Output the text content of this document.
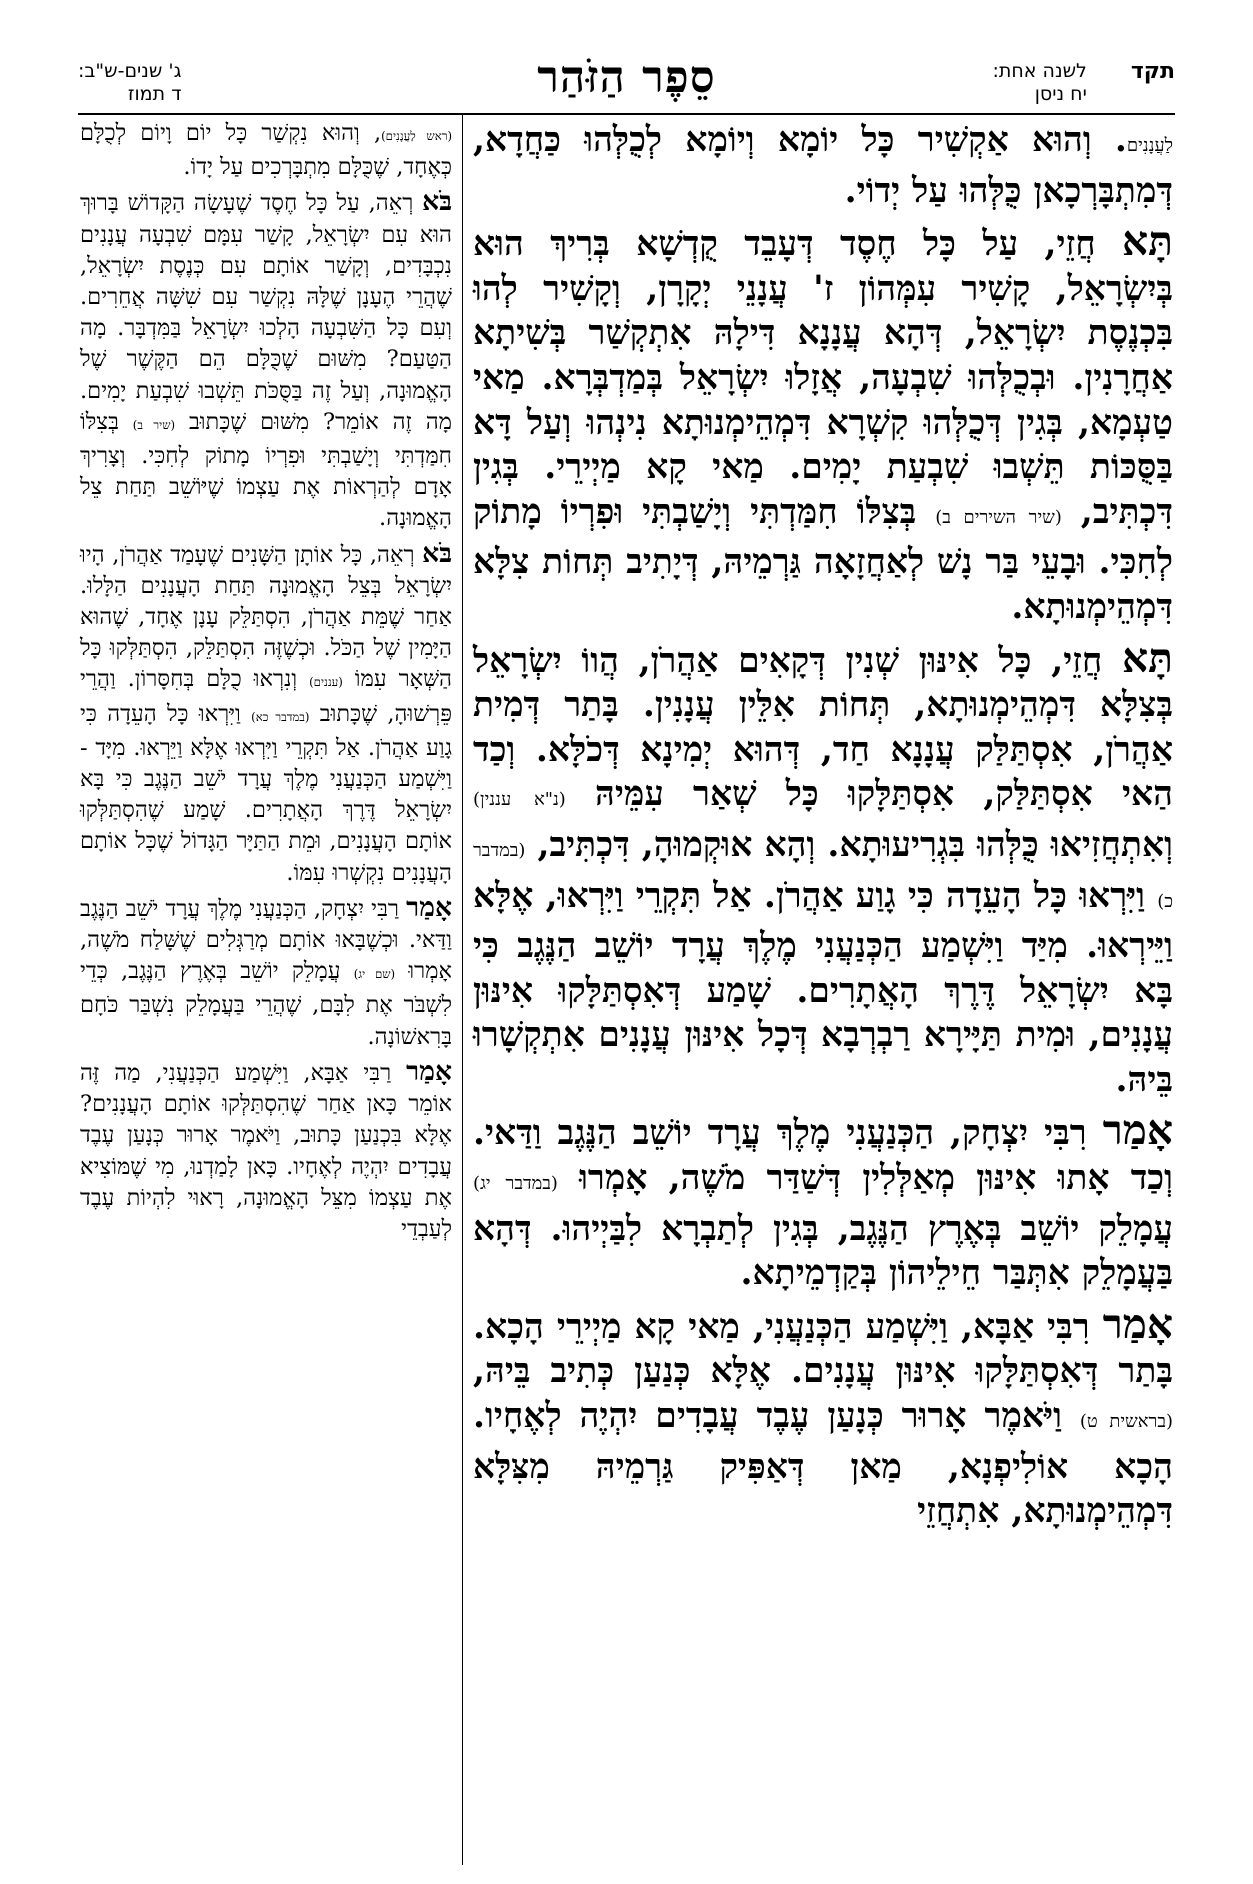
תקד
לשנה אחת:
יח ניסן
סֵפֶר הַזֹּהַר
ג' שנים-ש"ב:
ד תמוז

לַעֲנָנִים. וְהוּא אַקְשִׁיר כָּל יוֹמָא וְיוֹמָא לְכֻלְּהוּ כַּחֲדָא, דְּמִתְבָּרְכָאן כֻּלְּהוּ עַל יְדוֹי.

תָּא חֲזֵי, עַל כָּל חֶסֶד דְּעָבֵד קֻדְשָׁא בְּרִיךְ הוּא בְּיִשְׂרָאֵל, קָשִׁיר עִמְּהוֹן ז' עֲנָנֵי יְקָרָן, וְקָשִׁיר לְהוּ בִּכְנֶסֶת יִשְׂרָאֵל, דְּהָא עֲנָנָא דִּילָהּ אִתְקְשַׁר בְּשִׁיתָא אַחֲרָנִין. וּבְכֻלְּהוּ שִׁבְעָה, אֲזָלוּ יִשְׂרָאֵל בְּמַדְבְּרָא. מַאי טַעְמָא, בְּגִין דְּכֻלְּהוּ קִשְׁרָא דִּמְהֵימְנוּתָא נִינְהוּ וְעַל דָּא בַּסֻּכּוֹת תֵּשְׁבוּ שִׁבְעַת יָמִים. מַאי קָא מַיְירֵי. בְּגִין דִּכְתִּיב, (שיר השירים ב) בְּצִלּוֹ חִמַּדְתִּי וְיָשַׁבְתִּי וּפִרְיוֹ מָתוֹק לְחִכִּי. וּבָעֵי בַּר נָשׁ לְאַחֲזָאָה גַּרְמֵיהּ, דְּיָתִיב תְּחוֹת צִלָּא דִּמְהֵימְנוּתָא.

תָּא חֲזֵי, כָּל אִינּוּן שְׁנִין דְּקָאִים אַהֲרֹן, הֲווֹ יִשְׂרָאֵל בְּצִלָּא דִּמְהֵימְנוּתָא, תְּחוֹת אִלֵּין עֲנָנִין. בָּתַר דְּמִית אַהֲרֹן, אִסְתַּלַּק עֲנָנָא חַד, דְּהוּא יְמִינָא דְּכֹלָּא. וְכַד הַאי אִסְתַּלַּק, אִסְתַּלָּקוּ כָּל שְׁאַר עִמֵּיהּ (נ"א עננין) וְאִתְחֲזִיאוּ כֻּלְּהוּ בִּגְרִיעוּתָא. וְהָא אוּקְמוּהָ, דִּכְתִּיב, (במדבר כ) וַיִּרְאוּ כָּל הָעֵדָה כִּי גָוַע אַהֲרֹן. אַל תִּקְרֵי וַיִּרְאוּ, אֶלָּא וַיֵּירְאוּ. מִיַּד וַיִּשְׁמַע הַכְּנַעֲנִי מֶלֶךְ עֲרָד יוֹשֵׁב הַנֶּגֶב כִּי בָּא יִשְׂרָאֵל דֶּרֶךְ הָאֲתָרִים. שָׁמַע דְּאִסְתַּלָּקוּ אִינּוּן עֲנָנִים, וּמִית תַּיָּירָא רַבְרְבָא דְּכָל אִינּוּן עֲנָנִים אִתְקְשָׁרוּ בֵּיהּ.

אָמַר רִבִּי יִצְחָק, הַכְּנַעֲנִי מֶלֶךְ עֲרָד יוֹשֵׁב הַנֶּגֶב וַדַּאי. וְכַד אָתוּ אִינּוּן מְאַלְּלִין דְּשַׁדַּר מֹשֶׁה, אָמְרוּ (במדבר יג) עֲמָלֵק יוֹשֵׁב בְּאֶרֶץ הַנֶּגֶב, בְּגִין לְתַבְרָא לִבַּיְיהוּ. דְּהָא בַּעֲמָלֵק אִתְּבַּר חֵילֵיהוֹן בְּקַדְמֵיתָא.

אָמַר רִבִּי אַבָּא, וַיִּשְׁמַע הַכְּנַעֲנִי, מַאי קָא מַיְירֵי הָכָא. בָּתַר דְּאִסְתַּלָּקוּ אִינּוּן עֲנָנִים. אֶלָּא כְּנַעַן כְּתִיב בֵּיהּ, (בראשית ט) וַיֹּאמֶר אָרוּר כְּנָעַן עֶבֶד עֲבָדִים יִהְיֶה לְאֶחָיו. הָכָא אוֹלִיפְנָא, מַאן דְּאַפִּיק גַּרְמֵיהּ מִצִּלָּא דִּמְהֵימְנוּתָא, אִתְחֲזֵי

(ראש לַעֲנָנִים), וְהוּא נִקְשַׁר כָּל יוֹם וָיוֹם לְכֻלָּם כְּאֶחָד, שֶׁכֻּלָּם מִתְבָּרְכִים עַל יָדוֹ.

בֹּא רְאֵה, עַל כָּל חֶסֶד שֶׁעָשָׂה הַקָּדוֹשׁ בָּרוּךְ הוּא עִם יִשְׂרָאֵל, קָשַׁר עִמָּם שִׁבְעָה עֲנָנִים נִכְבָּדִים, וְקָשַׁר אוֹתָם עִם כְּנֶסֶת יִשְׂרָאֵל, שֶׁהֲרֵי הֶעָנָן שֶׁלָּהּ נִקְשַׁר עִם שִׁשָּׁה אֲחֵרִים. וְעִם כָּל הַשִּׁבְעָה הָלְכוּ יִשְׂרָאֵל בַּמִּדְבָּר. מָה הַטַּעַם? מִשּׁוּם שֶׁכֻּלָּם הֵם הַקֶּשֶׁר שֶׁל הָאֱמוּנָה, וְעַל זֶה בַּסֻּכֹּת תֵּשְׁבוּ שִׁבְעַת יָמִים. מָה זֶה אוֹמֵר? מִשּׁוּם שֶׁכָּתוּב (שיר ב) בְּצִלּוֹ חִמַּדְתִּי וְיָשַׁבְתִּי וּפִרְיוֹ מָתוֹק לְחִכִּי. וְצָרִיךְ אָדָם לְהַרְאוֹת אֶת עַצְמוֹ שֶׁיּוֹשֵׁב תַּחַת צֵל הָאֱמוּנָה.

בֹּא רְאֵה, כָּל אוֹתָן הַשָּׁנִים שֶׁעָמַד אַהֲרֹן, הָיוּ יִשְׂרָאֵל בְּצֵל הָאֱמוּנָה תַּחַת הָעֲנָנִים הַלָּלוּ. אַחַר שֶׁמֵּת אַהֲרֹן, הִסְתַּלֵּק עָנָן אֶחָד, שֶׁהוּא הַיָּמִין שֶׁל הַכֹּל. וּכְשֶׁזֶּה הִסְתַּלֵּק, הִסְתַּלְּקוּ כָּל הַשְּׁאָר עִמּוֹ (עננים) וְנִרְאוּ כֻלָּם בְּחִסָּרוֹן. וַהֲרֵי פֵּרְשׁוּהָ, שֶׁכָּתוּב (במדבר כא) וַיִּרְאוּ כָּל הָעֵדָה כִּי גָוַע אַהֲרֹן. אַל תִּקְרֵי וַיִּרְאוּ אֶלָּא וַיֵּרְאוּ. מִיָּד - וַיִּשְׁמַע הַכְּנַעֲנִי מֶלֶךְ עֲרָד יֹשֵׁב הַנֶּגֶב כִּי בָּא יִשְׂרָאֵל דֶּרֶךְ הָאֲתָרִים. שָׁמַע שֶׁהִסְתַּלְּקוּ אוֹתָם הָעֲנָנִים, וּמֵת הַתַּיָּר הַגָּדוֹל שֶׁכָּל אוֹתָם הָעֲנָנִים נִקְשְׁרוּ עִמּוֹ.

אָמַר רַבִּי יִצְחָק, הַכְּנַעֲנִי מֶלֶךְ עֲרָד יֹשֵׁב הַנֶּגֶב וַדַּאי. וּכְשֶׁבָּאוּ אוֹתָם מְרַגְּלִים שֶׁשָּׁלַח מֹשֶׁה, אָמְרוּ (שם יג) עֲמָלֵק יוֹשֵׁב בְּאֶרֶץ הַנֶּגֶב, כְּדֵי לִשְׁבֹּר אֶת לִבָּם, שֶׁהֲרֵי בַּעֲמָלֵק נִשְׁבַּר כֹּחָם בָּרִאשׁוֹנָה.

אָמַר רַבִּי אַבָּא, וַיִּשְׁמַע הַכְּנַעֲנִי, מַה זֶּה אוֹמֵר כָּאן אַחַר שֶׁהִסְתַּלְּקוּ אוֹתָם הָעֲנָנִים? אֶלָּא בִּכְנַעַן כָּתוּב, וַיֹּאמֶר אָרוּר כְּנָעַן עֶבֶד עֲבָדִים יִהְיֶה לְאֶחָיו. כָּאן לָמַדְנוּ, מִי שֶׁמּוֹצִיא אֶת עַצְמוֹ מִצֵּל הָאֱמוּנָה, רָאוּי לִהְיוֹת עֶבֶד לְעַבְדֵי
